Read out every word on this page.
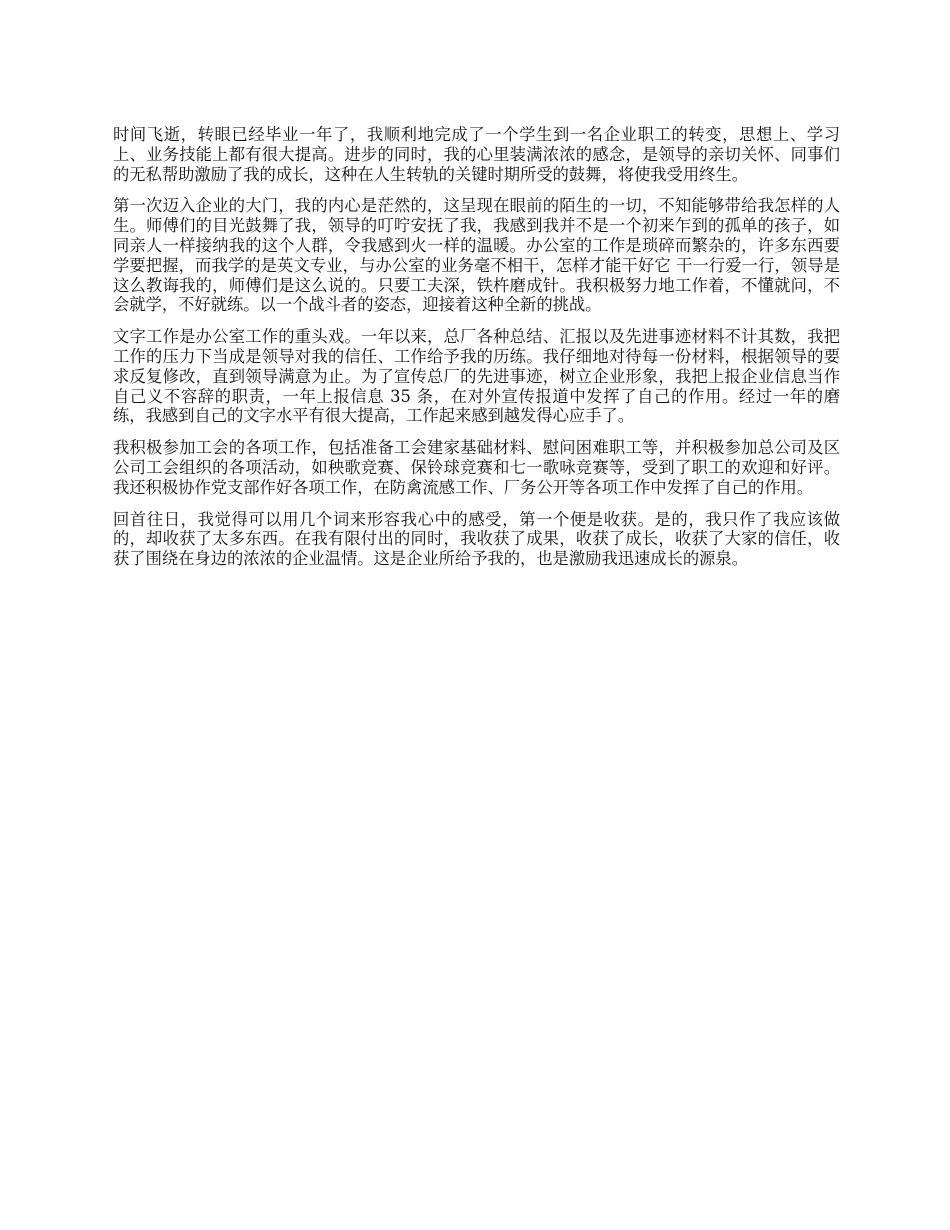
时间飞逝，转眼已经毕业一年了，我顺利地完成了一个学生到一名企业职工的转变，思想上、学习上、业务技能上都有很大提高。进步的同时，我的心里装满浓浓的感念，是领导的亲切关怀、同事们的无私帮助激励了我的成长，这种在人生转轨的关键时期所受的鼓舞，将使我受用终生。

第一次迈入企业的大门，我的内心是茫然的，这呈现在眼前的陌生的一切，不知能够带给我怎样的人生。师傅们的目光鼓舞了我，领导的叮咛安抚了我，我感到我并不是一个初来乍到的孤单的孩子，如同亲人一样接纳我的这个人群，令我感到火一样的温暖。办公室的工作是琐碎而繁杂的，许多东西要学要把握，而我学的是英文专业，与办公室的业务毫不相干，怎样才能干好它 干一行爱一行，领导是这么教诲我的，师傅们是这么说的。只要工夫深，铁杵磨成针。我积极努力地工作着，不懂就问，不会就学，不好就练。以一个战斗者的姿态，迎接着这种全新的挑战。

文字工作是办公室工作的重头戏。一年以来，总厂各种总结、汇报以及先进事迹材料不计其数，我把工作的压力下当成是领导对我的信任、工作给予我的历练。我仔细地对待每一份材料，根据领导的要求反复修改，直到领导满意为止。为了宣传总厂的先进事迹，树立企业形象，我把上报企业信息当作自己义不容辞的职责，一年上报信息 35 条，在对外宣传报道中发挥了自己的作用。经过一年的磨练，我感到自己的文字水平有很大提高，工作起来感到越发得心应手了。

我积极参加工会的各项工作，包括准备工会建家基础材料、慰问困难职工等，并积极参加总公司及区公司工会组织的各项活动，如秧歌竞赛、保铃球竞赛和七一歌咏竞赛等，受到了职工的欢迎和好评。我还积极协作党支部作好各项工作，在防禽流感工作、厂务公开等各项工作中发挥了自己的作用。

回首往日，我觉得可以用几个词来形容我心中的感受，第一个便是收获。是的，我只作了我应该做的，却收获了太多东西。在我有限付出的同时，我收获了成果，收获了成长，收获了大家的信任，收获了围绕在身边的浓浓的企业温情。这是企业所给予我的，也是激励我迅速成长的源泉。
